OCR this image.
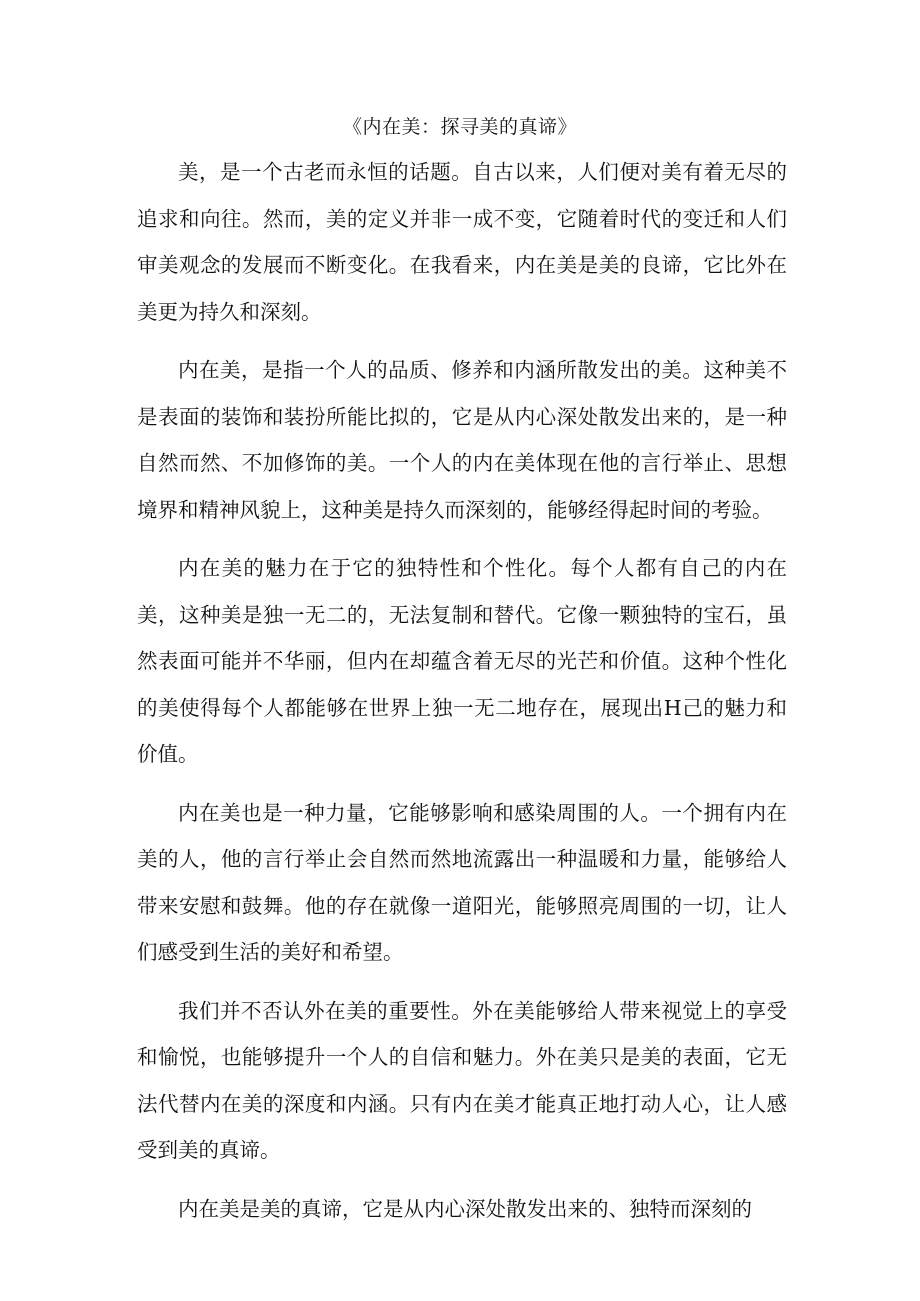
《内在美：探寻美的真谛》

美，是一个古老而永恒的话题。自古以来，人们便对美有着无尽的追求和向往。然而，美的定义并非一成不变，它随着时代的变迁和人们审美观念的发展而不断变化。在我看来，内在美是美的良谛，它比外在美更为持久和深刻。

内在美，是指一个人的品质、修养和内涵所散发出的美。这种美不是表面的装饰和装扮所能比拟的，它是从内心深处散发出来的，是一种自然而然、不加修饰的美。一个人的内在美体现在他的言行举止、思想境界和精神风貌上，这种美是持久而深刻的，能够经得起时间的考验。

内在美的魅力在于它的独特性和个性化。每个人都有自己的内在美，这种美是独一无二的，无法复制和替代。它像一颗独特的宝石，虽然表面可能并不华丽，但内在却蕴含着无尽的光芒和价值。这种个性化的美使得每个人都能够在世界上独一无二地存在，展现出H己的魅力和价值。

内在美也是一种力量，它能够影响和感染周围的人。一个拥有内在美的人，他的言行举止会自然而然地流露出一种温暖和力量，能够给人带来安慰和鼓舞。他的存在就像一道阳光，能够照亮周围的一切，让人们感受到生活的美好和希望。

我们并不否认外在美的重要性。外在美能够给人带来视觉上的享受和愉悦，也能够提升一个人的自信和魅力。外在美只是美的表面，它无法代替内在美的深度和内涵。只有内在美才能真正地打动人心，让人感受到美的真谛。

内在美是美的真谛，它是从内心深处散发出来的、独特而深刻的
